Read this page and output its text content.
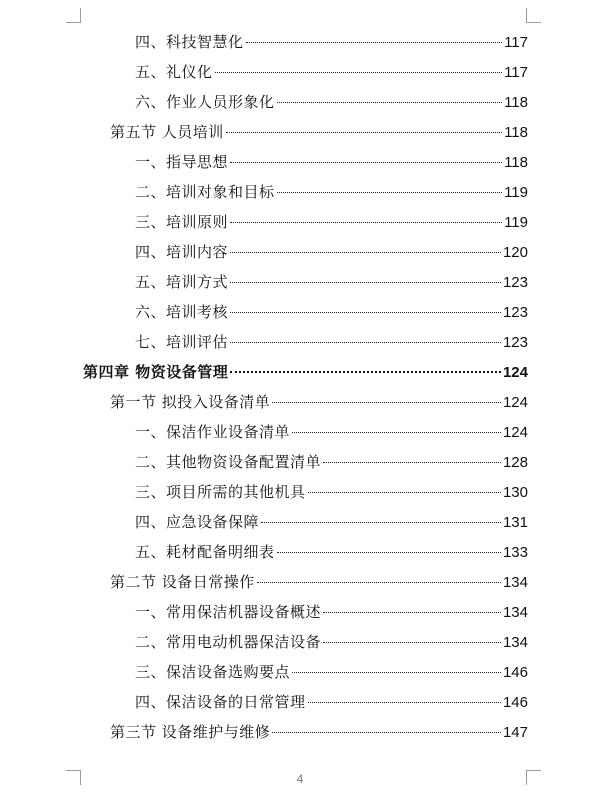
四、科技智慧化	117
五、礼仪化	117
六、作业人员形象化	118
第五节 人员培训	118
一、指导思想	118
二、培训对象和目标	119
三、培训原则	119
四、培训内容	120
五、培训方式	123
六、培训考核	123
七、培训评估	123
第四章 物资设备管理	124
第一节 拟投入设备清单	124
一、保洁作业设备清单	124
二、其他物资设备配置清单	128
三、项目所需的其他机具	130
四、应急设备保障	131
五、耗材配备明细表	133
第二节 设备日常操作	134
一、常用保洁机器设备概述	134
二、常用电动机器保洁设备	134
三、保洁设备选购要点	146
四、保洁设备的日常管理	146
第三节 设备维护与维修	147
4
